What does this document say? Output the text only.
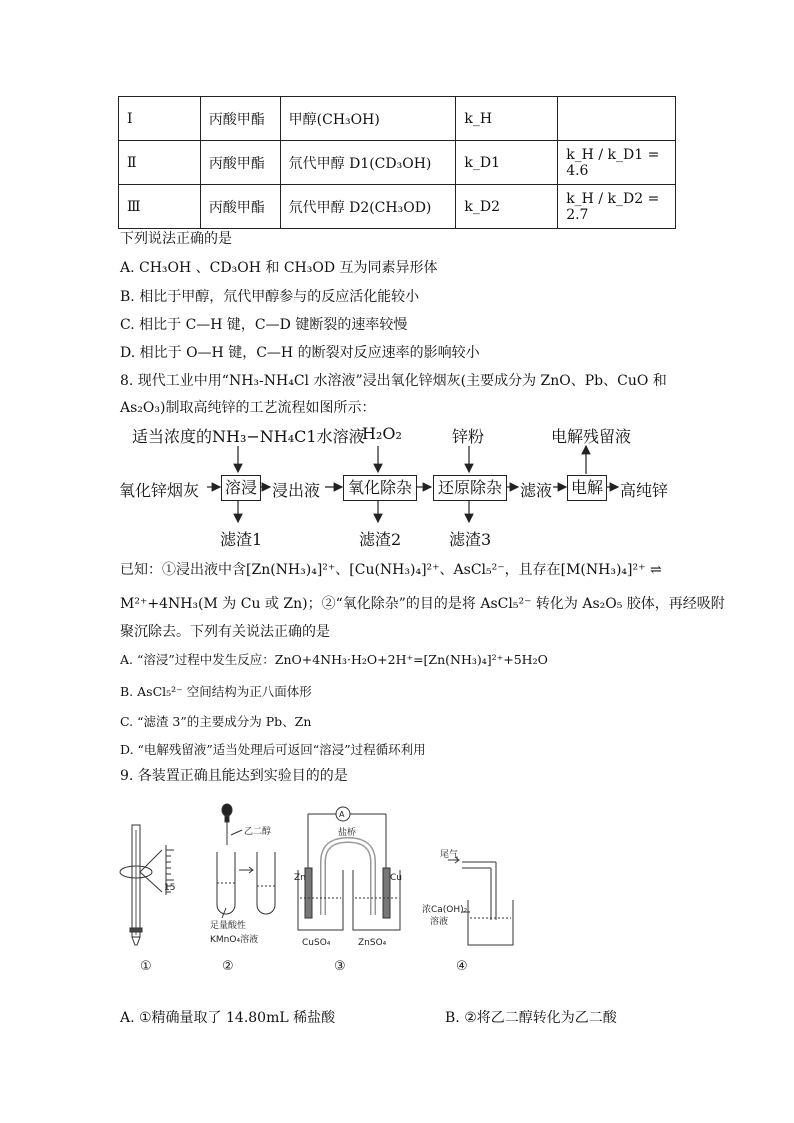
Ⅰ	丙酸甲酯	甲醇(CH₃OH)	k_H	
Ⅱ	丙酸甲酯	氘代甲醇 D1(CD₃OH)	k_D1	k_H / k_D1 = 4.6
Ⅲ	丙酸甲酯	氘代甲醇 D2(CH₃OD)	k_D2	k_H / k_D2 = 2.7
下列说法正确的是
A. CH₃OH 、CD₃OH 和 CH₃OD 互为同素异形体
B. 相比于甲醇，氘代甲醇参与的反应活化能较小
C. 相比于 C—H 键，C—D 键断裂的速率较慢
D. 相比于 O—H 键，C—H 的断裂对反应速率的影响较小
8. 现代工业中用“NH₃-NH₄Cl 水溶液”浸出氧化锌烟灰(主要成分为 ZnO、Pb、CuO 和
As₂O₃)制取高纯锌的工艺流程如图所示：
适当浓度的NH₃−NH₄C1水溶液
H₂O₂	锌粉	电解残留液
氧化锌烟灰 溶浸 浸出液	氧化除杂	还原除杂	滤液 电解 高纯锌
滤渣1	滤渣2	滤渣3
已知：①浸出液中含[Zn(NH₃)₄]²⁺、[Cu(NH₃)₄]²⁺、AsCl₅²⁻，且存在[M(NH₃)₄]²⁺ ⇌
M²⁺+4NH₃(M 为 Cu 或 Zn)；②“氧化除杂”的目的是将 AsCl₅²⁻ 转化为 As₂O₅ 胶体，再经吸附
聚沉除去。下列有关说法正确的是
A. “溶浸”过程中发生反应：ZnO+4NH₃·H₂O+2H⁺=[Zn(NH₃)₄]²⁺+5H₂O
B. AsCl₅²⁻ 空间结构为正八面体形
C. “滤渣 3”的主要成分为 Pb、Zn
D. “电解残留液”适当处理后可返回“溶浸”过程循环利用
9. 各装置正确且能达到实验目的的是
15
乙二醇
足量酸性
KMnO₄溶液
A
盐桥
Zn	Cu
CuSO₄	ZnSO₄
尾气
浓Ca(OH)₂
溶液
①	②	③	④
A. ①精确量取了 14.80mL 稀盐酸	B. ②将乙二醇转化为乙二酸
